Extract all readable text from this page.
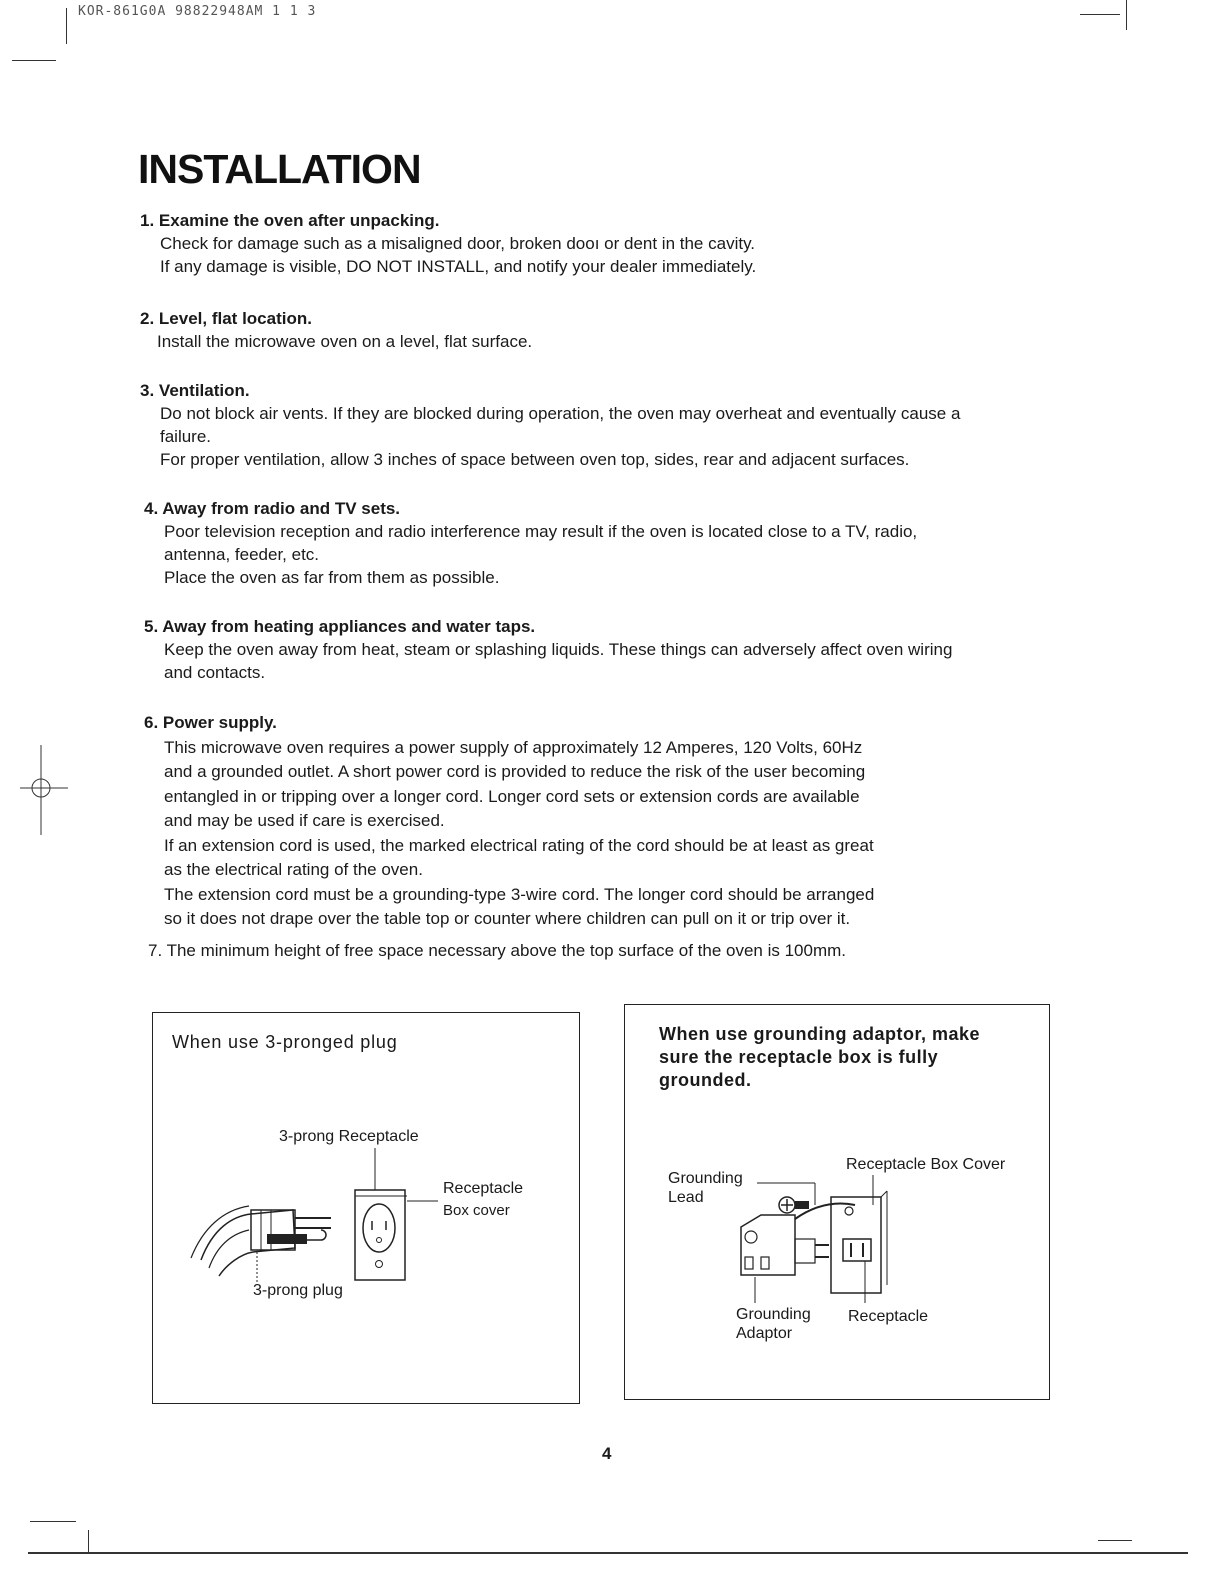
KOR-861G0A 98822948AM 1 1 3
INSTALLATION
1. Examine the oven after unpacking.
Check for damage such as a misaligned door, broken dooı or dent in the cavity.
If any damage is visible, DO NOT INSTALL, and notify your dealer immediately.
2. Level, flat location.
Install the microwave oven on a level, flat surface.
3. Ventilation.
Do not block air vents. If they are blocked during operation, the oven may overheat and eventually cause a
failure.
For proper ventilation, allow 3 inches of space between oven top, sides, rear and adjacent surfaces.
4. Away from radio and TV sets.
Poor television reception and radio interference may result if the oven is located close to a TV, radio,
antenna, feeder, etc.
Place the oven as far from them as possible.
5. Away from heating appliances and water taps.
Keep the oven away from heat, steam or splashing liquids. These things can adversely affect oven wiring
and contacts.
6. Power supply.
This microwave oven requires a power supply of approximately 12 Amperes, 120 Volts, 60Hz
and a grounded outlet. A short power cord is provided to reduce the risk of the user becoming
entangled in or tripping over a longer cord. Longer cord sets or extension cords are available
and may be used if care is exercised.
If an extension cord is used, the marked electrical rating of the cord should be at least as great
as the electrical rating of the oven.
The extension cord must be a grounding-type 3-wire cord. The longer cord should be arranged
so it does not drape over the table top or counter where children can pull on it or trip over it.
7. The minimum height of free space necessary above the top surface of the oven is 100mm.
When use 3-pronged plug
3-prong Receptacle
Receptacle
Box cover
3-prong plug
When use grounding adaptor, make
sure the receptacle box is fully
grounded.
Receptacle Box Cover
Grounding
Lead
Grounding
Adaptor
Receptacle
4
